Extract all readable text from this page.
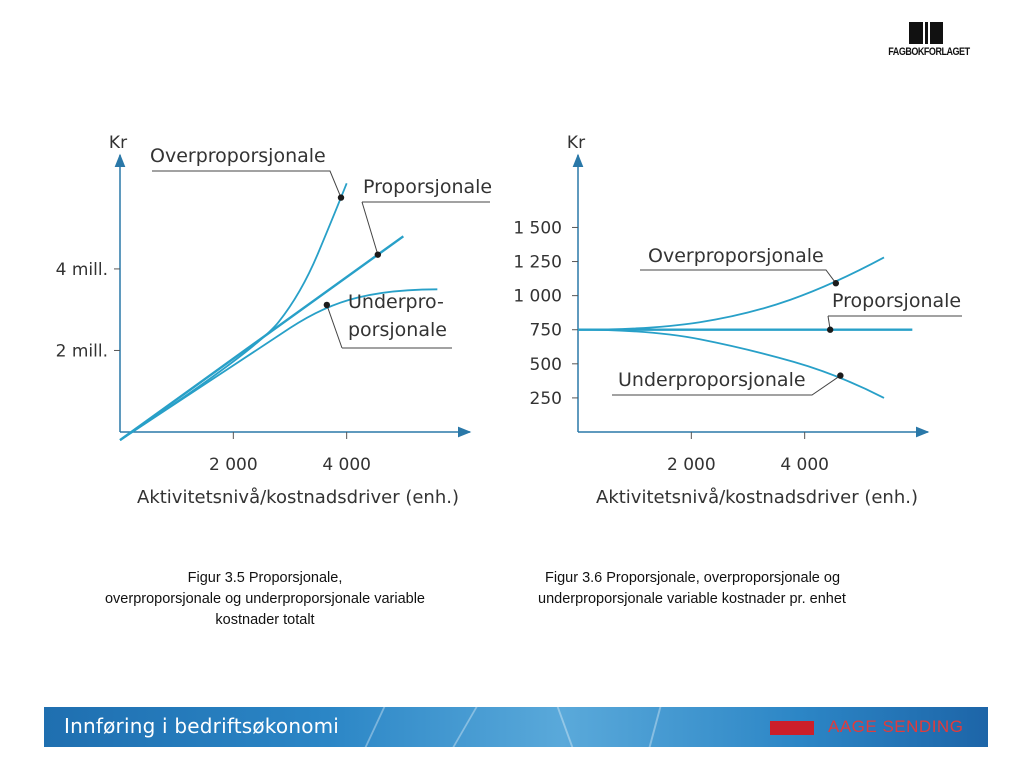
FAGBOKFORLAGET
Kr
4 mill.
2 mill.
2 000	4 000
Aktivitetsnivå/kostnadsdriver (enh.)
Overproporsjonale
Proporsjonale
Underpro-
porsjonale
Kr
1 500
1 250
1 000
750
500
250
2 000	4 000
Aktivitetsnivå/kostnadsdriver (enh.)
Overproporsjonale
Proporsjonale
Underproporsjonale
Figur 3.5 Proporsjonale,
overproporsjonale og underproporsjonale variable
kostnader totalt
Figur 3.6 Proporsjonale, overproporsjonale og
underproporsjonale variable kostnader pr. enhet
Innføring i bedriftsøkonomi	AAGE SENDING
